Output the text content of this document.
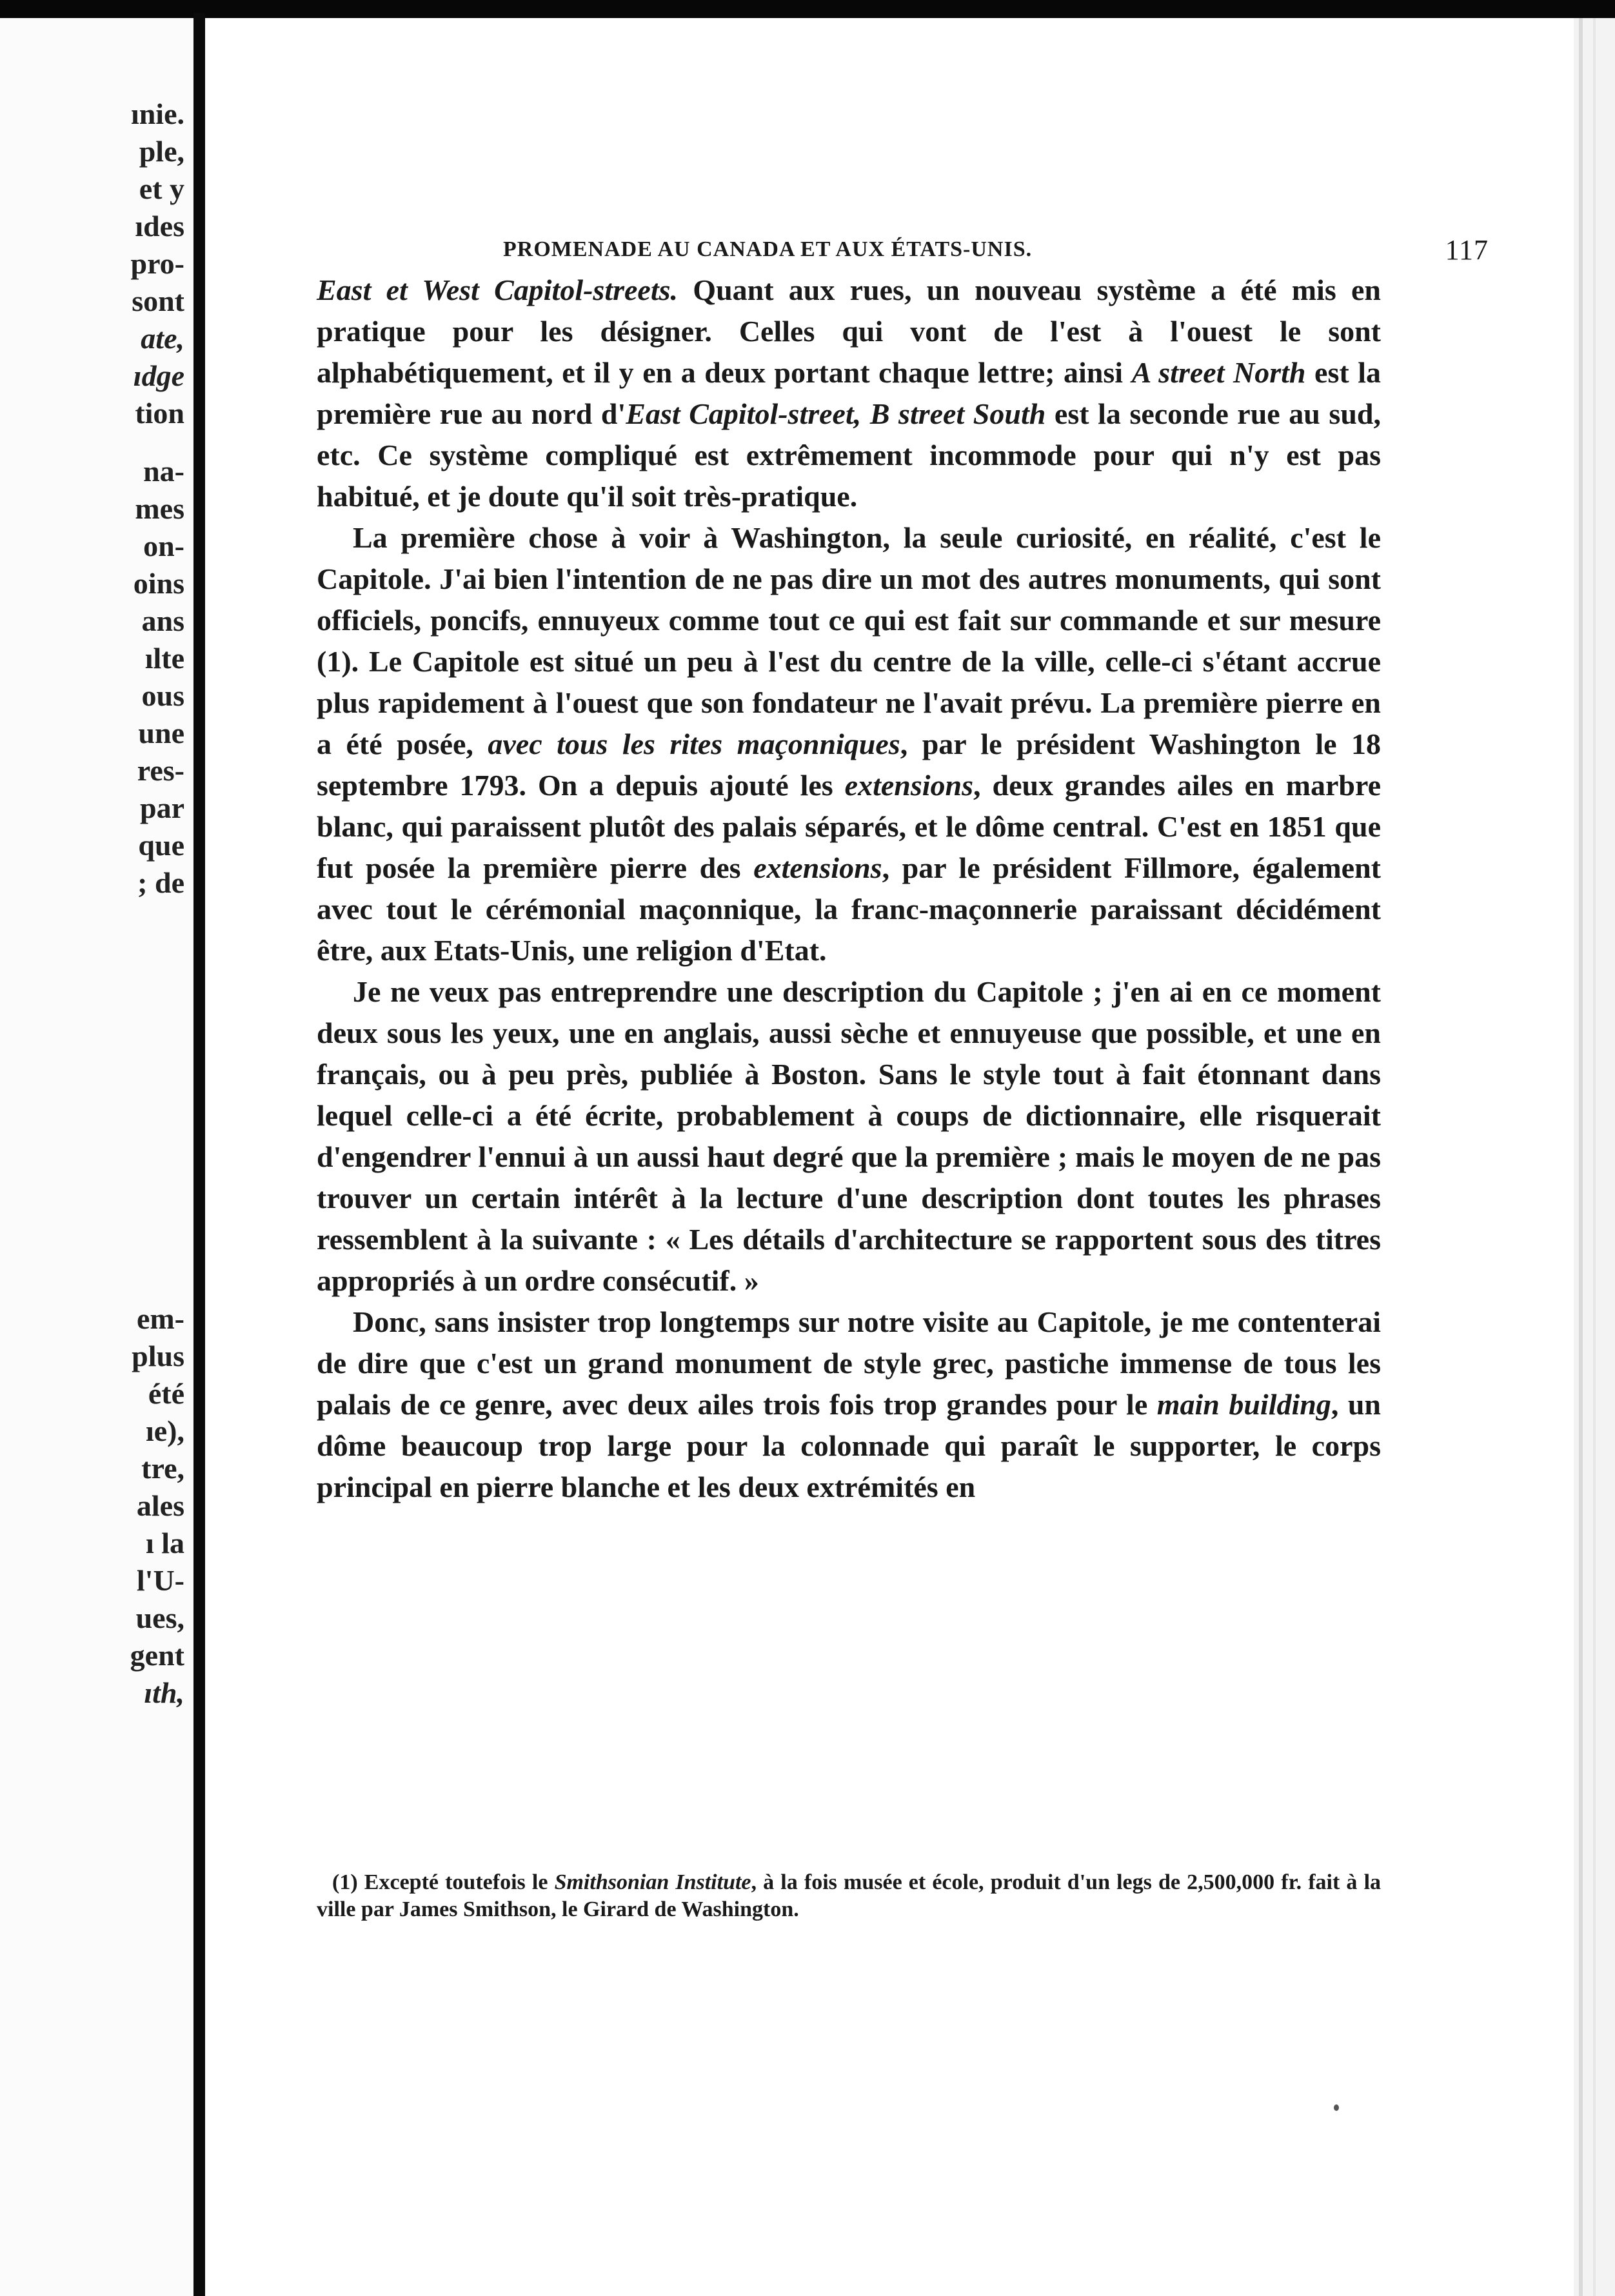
ınie.
ple,
et y
ıdes
pro-
sont
ate,
ıdge
tion
na-
mes
on-
oins
ans
ılte
ous
une
res-
par
que
; de
em-
plus
été
ıe),
tre,
ales
ı la
l'U-
ues,
gent
ıth,
PROMENADE AU CANADA ET AUX ÉTATS-UNIS.	117

East et West Capitol-streets. Quant aux rues, un nouveau système a été mis en pratique pour les désigner. Celles qui vont de l'est à l'ouest le sont alphabétiquement, et il y en a deux portant chaque lettre; ainsi A street North est la première rue au nord d'East Capitol-street, B street South est la seconde rue au sud, etc. Ce système compliqué est extrêmement incommode pour qui n'y est pas habitué, et je doute qu'il soit très-pratique.

La première chose à voir à Washington, la seule curiosité, en réalité, c'est le Capitole. J'ai bien l'intention de ne pas dire un mot des autres monuments, qui sont officiels, poncifs, ennuyeux comme tout ce qui est fait sur commande et sur mesure (1). Le Capitole est situé un peu à l'est du centre de la ville, celle-ci s'étant accrue plus rapidement à l'ouest que son fondateur ne l'avait prévu. La première pierre en a été posée, avec tous les rites maçonniques, par le président Washington le 18 septembre 1793. On a depuis ajouté les extensions, deux grandes ailes en marbre blanc, qui paraissent plutôt des palais séparés, et le dôme central. C'est en 1851 que fut posée la première pierre des extensions, par le président Fillmore, également avec tout le cérémonial maçonnique, la franc-maçonnerie paraissant décidément être, aux Etats-Unis, une religion d'Etat.

Je ne veux pas entreprendre une description du Capitole ; j'en ai en ce moment deux sous les yeux, une en anglais, aussi sèche et ennuyeuse que possible, et une en français, ou à peu près, publiée à Boston. Sans le style tout à fait étonnant dans lequel celle-ci a été écrite, probablement à coups de dictionnaire, elle risquerait d'engendrer l'ennui à un aussi haut degré que la première ; mais le moyen de ne pas trouver un certain intérêt à la lecture d'une description dont toutes les phrases ressemblent à la suivante : « Les détails d'architecture se rapportent sous des titres appropriés à un ordre consécutif. »

Donc, sans insister trop longtemps sur notre visite au Capitole, je me contenterai de dire que c'est un grand monument de style grec, pastiche immense de tous les palais de ce genre, avec deux ailes trois fois trop grandes pour le main building, un dôme beaucoup trop large pour la colonnade qui paraît le supporter, le corps principal en pierre blanche et les deux extrémités en

(1) Excepté toutefois le Smithsonian Institute, à la fois musée et école, produit d'un legs de 2,500,000 fr. fait à la ville par James Smithson, le Girard de Washington.
